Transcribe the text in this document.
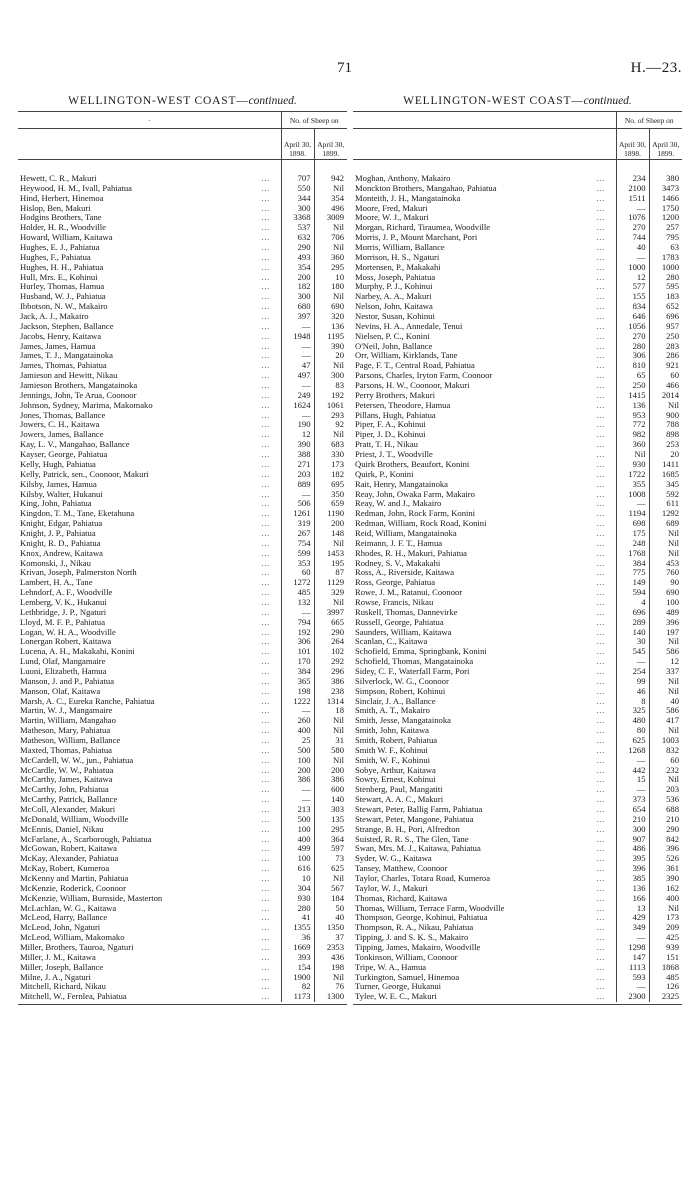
71	H.—23.
WELLINGTON-WEST COAST—continued.
·		No. of Sheep on	
		April 30, 1898.	April 30, 1899.

Hewett, C. R., Makuri	…	707	942
Heywood, H. M., Ivall, Pahiatua	…	550	Nil
Hind, Herbert, Hinemoa	…	344	354
Hislop, Ben, Makuri	…	300	496
Hodgins Brothers, Tane	…	3368	3009
Holder, H. R., Woodville	…	537	Nil
Howard, William, Kaitawa	…	632	706
Hughes, E. J., Pahiatua	…	290	Nil
Hughes, F., Pahiatua	…	493	360
Hughes, H. H., Pahiatua	…	354	295
Hull, Mrs. E., Kohinui	…	200	10
Hurley, Thomas, Hamua	…	182	180
Husband, W. J., Pahiatua	…	300	Nil
Ibbotson, N. W., Makairo	…	680	690
Jack, A. J., Makairo	…	397	320
Jackson, Stephen, Ballance	…	—	136
Jacobs, Henry, Kaitawa	…	1948	1195
James, James, Hamua	…	—	390
James, T. J., Mangatainoka	…	—	20
James, Thomas, Pahiatua	…	47	Nil
Jamieson and Hewitt, Nikau	…	497	300
Jamieson Brothers, Mangatainoka	…	—	83
Jennings, John, Te Arua, Coonoor	…	249	192
Johnson, Sydney, Marima, Makomako	…	1624	1061
Jones, Thomas, Ballance	…	—	293
Jowers, C. H., Kaitawa	…	190	92
Jowers, James, Ballance	…	12	Nil
Kay, L. V., Mangahao, Ballance	…	390	683
Kayser, George, Pahiatua	…	388	330
Kelly, Hugh, Pahiatua	…	271	173
Kelly, Patrick, sen., Coonoor, Makuri	…	203	182
Kilsby, James, Hamua	…	889	695
Kilsby, Walter, Hukanui	…	—	350
King, John, Pahiatua	…	506	659
Kingdon, T. M., Tane, Eketahuna	…	1261	1190
Knight, Edgar, Pahiatua	…	319	200
Knight, J. P., Pahiatua	…	267	148
Knight, R. D., Pahiatua	…	754	Nil
Knox, Andrew, Kaitawa	…	599	1453
Komonski, J., Nikau	…	353	195
Krivan, Joseph, Palmerston North	…	60	87
Lambert, H. A., Tane	…	1272	1129
Lehndorf, A. F., Woodville	…	485	329
Lemberg, V. K., Hukanui	…	132	Nil
Lethbridge, J. P., Ngaturi	…	—	3997
Lloyd, M. F. P., Pahiatua	…	794	665
Logan, W. H. A., Woodville	…	192	290
Lonergan Robert, Kaitawa	…	306	264
Lucena, A. H., Makakahi, Konini	…	101	102
Lund, Olaf, Mangamaire	…	170	292
Luoni, Elizabeth, Hamua	…	384	296
Manson, J. and P., Pahiatua	…	365	386
Manson, Olaf, Kaitawa	…	198	238
Marsh, A. C., Eureka Ranche, Pahiatua	…	1222	1314
Martin, W. J., Mangamaire	…	—	18
Martin, William, Mangahao	…	260	Nil
Matheson, Mary, Pahiatua	…	400	Nil
Matheson, William, Ballance	…	25	31
Maxted, Thomas, Pahiatua	…	500	580
McCardell, W. W., jun., Pahiatua	…	100	Nil
McCardle, W. W., Pahiatua	…	200	200
McCarthy, James, Kaitawa	…	386	386
McCarthy, John, Pahiatua	…	—	600
McCarthy, Patrick, Ballance	…	—	140
McColl, Alexander, Makuri	…	213	303
McDonald, William, Woodville	…	500	135
McEnnis, Daniel, Nikau	…	100	295
McFarlane, A., Scarborough, Pahiatua	…	400	364
McGowan, Robert, Kaitawa	…	499	597
McKay, Alexander, Pahiatua	…	100	73
McKay, Robert, Kumeroa	…	616	625
McKenny and Martin, Pahiatua	…	10	Nil
McKenzie, Roderick, Coonoor	…	304	567
McKenzie, William, Burnside, Masterton	…	930	184
McLachlan, W. G., Kaitawa	…	280	50
McLeod, Harry, Ballance	…	41	40
McLeod, John, Ngaturi	…	1355	1350
McLeod, William, Makomako	…	36	37
Miller, Brothers, Tauroa, Ngaturi	…	1669	2353
Miller, J. M., Kaitawa	…	393	436
Miller, Joseph, Ballance	…	154	198
Milne, J. A., Ngaturi	…	1900	Nil
Mitchell, Richard, Nikau	…	82	76
Mitchell, W., Fernlea, Pahiatua	…	1173	1300

WELLINGTON-WEST COAST—continued.
		No. of Sheep on	
		April 30, 1898.	April 30, 1899.

Moghan, Anthony, Makairo	…	234	380
Monckton Brothers, Mangahao, Pahiatua	…	2100	3473
Monteith, J. H., Mangatainoka	…	1511	1466
Moore, Fred, Makuri	…	—	1750
Moore, W. J., Makuri	…	1076	1200
Morgan, Richard, Tiraumea, Woodville	…	270	257
Morris, J. P., Mount Marchant, Pori	…	744	795
Morris, William, Ballance	…	40	63
Morrison, H. S., Ngaturi	…	—	1783
Mortensen, P., Makakahi	…	1000	1000
Moss, Joseph, Pahiatua	…	12	280
Murphy, P. J., Kohinui	…	577	595
Narbey, A. A., Makuri	…	155	183
Nelson, John, Kaitawa	…	834	652
Nestor, Susan, Kohinui	…	646	696
Nevins, H. A., Annedale, Tenui	…	1056	957
Nielsen, P. C., Konini	…	270	250
O'Neil, John, Ballance	…	280	283
Orr, William, Kirklands, Tane	…	306	286
Page, F. T., Central Road, Pahiatua	…	810	921
Parsons, Charles, Iryton Farm, Coonoor	…	65	60
Parsons, H. W., Coonoor, Makuri	…	250	466
Perry Brothers, Makuri	…	1415	2014
Petersen, Theodore, Hamua	…	136	Nil
Pillans, Hugh, Pahiatua	…	953	900
Piper, F. A., Kohinui	…	772	788
Piper, J. D., Kohinui	…	982	898
Pratt, T. H., Nikau	…	360	253
Priest, J. T., Woodville	…	Nil	20
Quirk Brothers, Beaufort, Konini	…	930	1411
Quirk, P., Konini	…	1722	1685
Rait, Henry, Mangatainoka	…	355	345
Reay, John, Owaka Farm, Makairo	…	1008	592
Reay, W. and J., Makairo	…	—	611
Redman, John, Rock Farm, Konini	…	1194	1292
Redman, William, Rock Road, Konini	…	698	689
Reid, William, Mangatainoka	…	175	Nil
Reimann, J. F. T., Hamua	…	248	Nil
Rhodes, R. H., Makuri, Pahiatua	…	1768	Nil
Rodney, S. V., Makakahi	…	384	453
Ross, A., Riverside, Kaitawa	…	775	760
Ross, George, Pahiatua	…	149	90
Rowe, J. M., Ratanui, Coonoor	…	594	690
Rowse, Francis, Nikau	…	4	100
Ruskell, Thomas, Dannevirke	…	696	489
Russell, George, Pahiatua	…	289	396
Saunders, William, Kaitawa	…	140	197
Scanlan, C., Kaitawa	…	30	Nil
Schofield, Emma, Springbank, Konini	…	545	586
Schofield, Thomas, Mangatainoka	…	—	12
Sidey, C. F., Waterfall Farm, Pori	…	254	337
Silverlock, W. G., Coonoor	…	99	Nil
Simpson, Robert, Kohinui	…	46	Nil
Sinclair, J. A., Ballance	…	8	40
Smith, A. T., Makairo	…	325	586
Smith, Jesse, Mangatainoka	…	480	417
Smith, John, Kaitawa	…	80	Nil
Smith, Robert, Pahiatua	…	625	1003
Smith W. F., Kohinui	…	1268	832
Smith, W. F., Kohinui	…	—	60
Sobye, Arthur, Kaitawa	…	442	232
Sowry, Ernest, Kohinui	…	15	Nil
Stenberg, Paul, Mangatiti	…	—	203
Stewart, A. A. C., Makuri	…	373	536
Stewart, Peter, Ballig Farm, Pahiatua	…	654	688
Stewart, Peter, Mangone, Pahiatua	…	210	210
Strange, B. H., Pori, Alfredton	…	300	290
Suisted, R. R. S., The Glen, Tane	…	907	842
Swan, Mrs. M. J., Kaitawa, Pahiatua	…	486	396
Syder, W. G., Kaitawa	…	395	526
Tansey, Matthew, Coonoor	…	396	361
Taylor, Charles, Totara Road, Kumeroa	…	385	390
Taylor, W. J., Makuri	…	136	162
Thomas, Richard, Kaitawa	…	166	400
Thomas, William, Terrace Farm, Woodville	…	13	Nil
Thompson, George, Kohinui, Pahiatua	…	429	173
Thompson, R. A., Nikau, Pahiatua	…	349	209
Tipping, J. and S. K. S., Makairo	…	—	425
Tipping, James, Makairo, Woodville	…	1298	939
Tonkinson, William, Coonoor	…	147	151
Tripe, W. A., Hamua	…	1113	1868
Turkington, Samuel, Hinemoa	…	593	485
Turner, George, Hukanui	…	—	126
Tylee, W. E. C., Makuri	…	2300	2325
